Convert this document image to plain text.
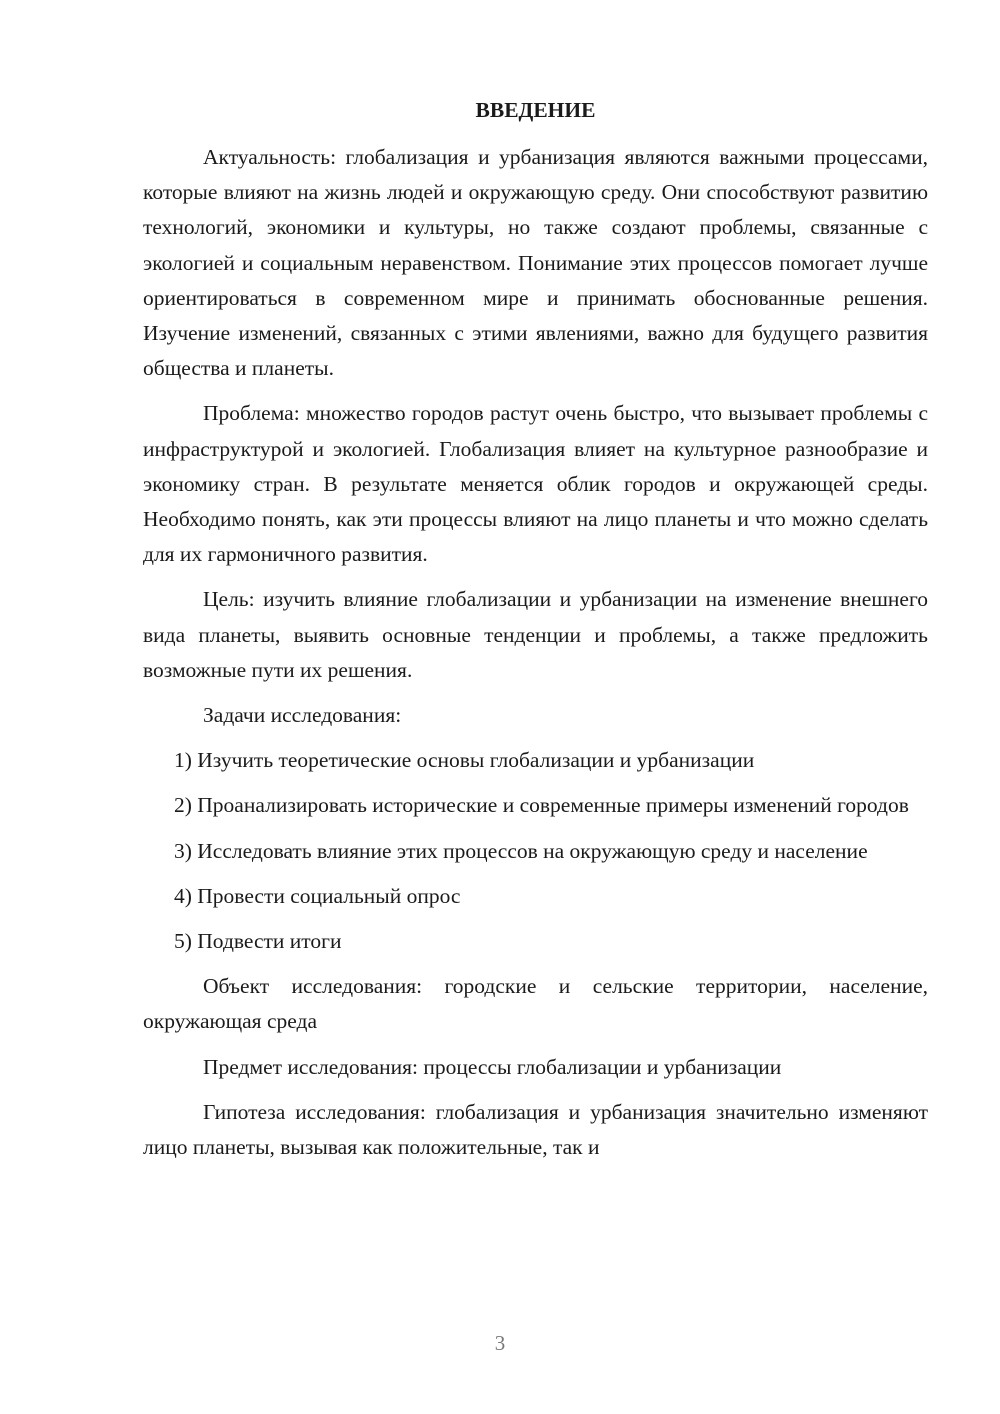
ВВЕДЕНИЕ

Актуальность: глобализация и урбанизация являются важными процессами, которые влияют на жизнь людей и окружающую среду. Они способствуют развитию технологий, экономики и культуры, но также создают проблемы, связанные с экологией и социальным неравенством. Понимание этих процессов помогает лучше ориентироваться в современном мире и принимать обоснованные решения. Изучение изменений, связанных с этими явлениями, важно для будущего развития общества и планеты.

Проблема: множество городов растут очень быстро, что вызывает проблемы с инфраструктурой и экологией. Глобализация влияет на культурное разнообразие и экономику стран. В результате меняется облик городов и окружающей среды. Необходимо понять, как эти процессы влияют на лицо планеты и что можно сделать для их гармоничного развития.

Цель: изучить влияние глобализации и урбанизации на изменение внешнего вида планеты, выявить основные тенденции и проблемы, а также предложить возможные пути их решения.

Задачи исследования:

1) Изучить теоретические основы глобализации и урбанизации

2) Проанализировать исторические и современные примеры изменений городов

3) Исследовать влияние этих процессов на окружающую среду и население

4) Провести социальный опрос

5) Подвести итоги

Объект исследования: городские и сельские территории, население, окружающая среда

Предмет исследования: процессы глобализации и урбанизации

Гипотеза исследования: глобализация и урбанизация значительно изменяют лицо планеты, вызывая как положительные, так и

3
